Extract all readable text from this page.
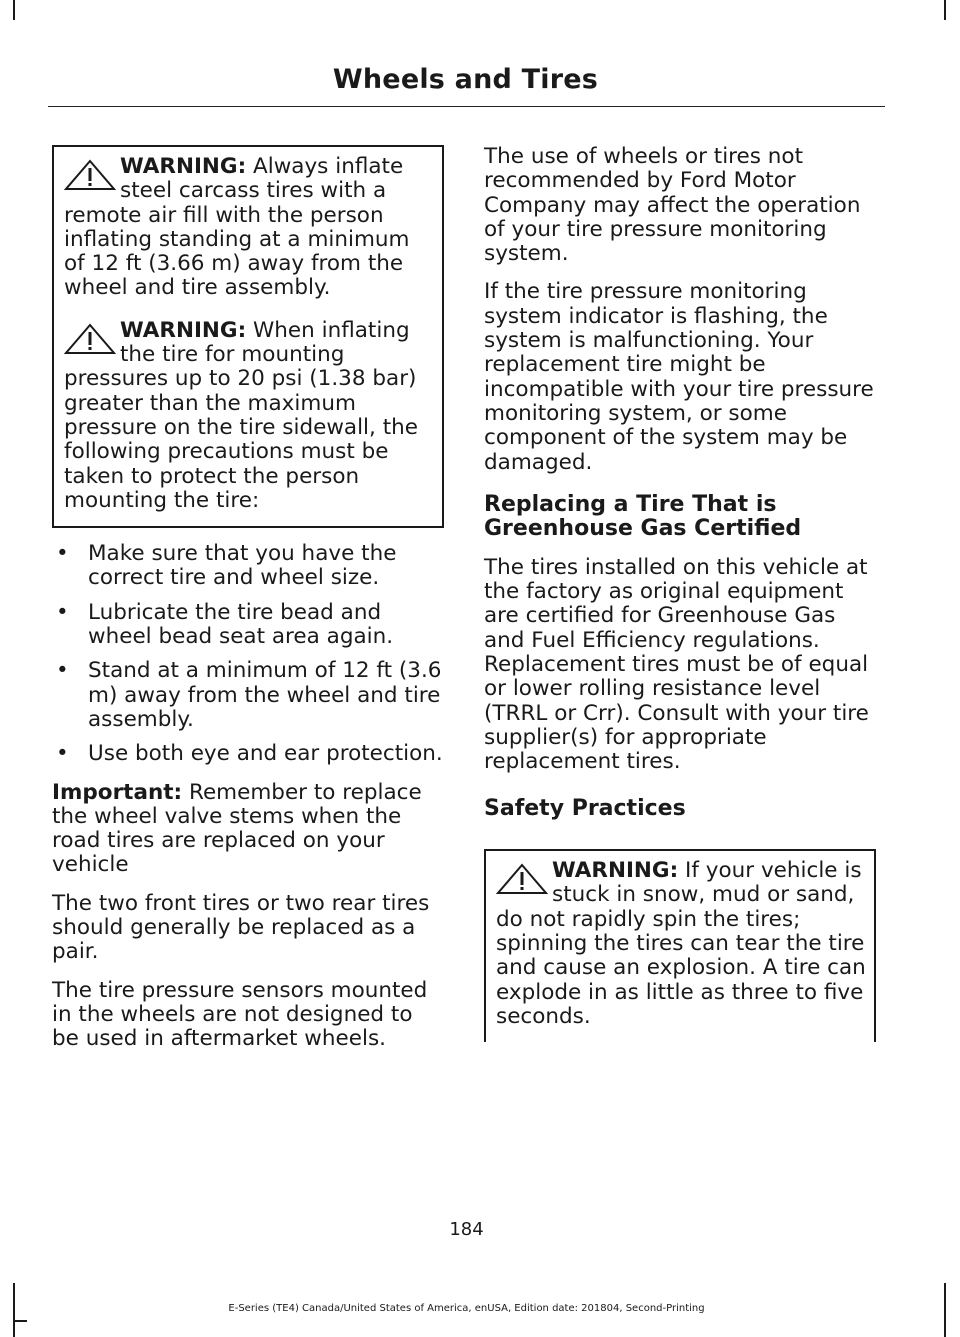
Wheels and Tires
WARNING: Always inflate steel carcass tires with a remote air fill with the person inflating standing at a minimum of 12 ft (3.66 m) away from the wheel and tire assembly.
WARNING: When inflating the tire for mounting pressures up to 20 psi (1.38 bar) greater than the maximum pressure on the tire sidewall, the following precautions must be taken to protect the person mounting the tire:
• Make sure that you have the correct tire and wheel size.
• Lubricate the tire bead and wheel bead seat area again.
• Stand at a minimum of 12 ft (3.6 m) away from the wheel and tire assembly.
• Use both eye and ear protection.

Important: Remember to replace the wheel valve stems when the road tires are replaced on your vehicle

The two front tires or two rear tires should generally be replaced as a pair.

The tire pressure sensors mounted in the wheels are not designed to be used in aftermarket wheels.

The use of wheels or tires not recommended by Ford Motor Company may affect the operation of your tire pressure monitoring system.

If the tire pressure monitoring system indicator is flashing, the system is malfunctioning. Your replacement tire might be incompatible with your tire pressure monitoring system, or some component of the system may be damaged.

Replacing a Tire That is Greenhouse Gas Certified

The tires installed on this vehicle at the factory as original equipment are certified for Greenhouse Gas and Fuel Efficiency regulations. Replacement tires must be of equal or lower rolling resistance level (TRRL or Crr). Consult with your tire supplier(s) for appropriate replacement tires.

Safety Practices
WARNING: If your vehicle is stuck in snow, mud or sand, do not rapidly spin the tires; spinning the tires can tear the tire and cause an explosion. A tire can explode in as little as three to five seconds.
184
E-Series (TE4) Canada/United States of America, enUSA, Edition date: 201804, Second-Printing
